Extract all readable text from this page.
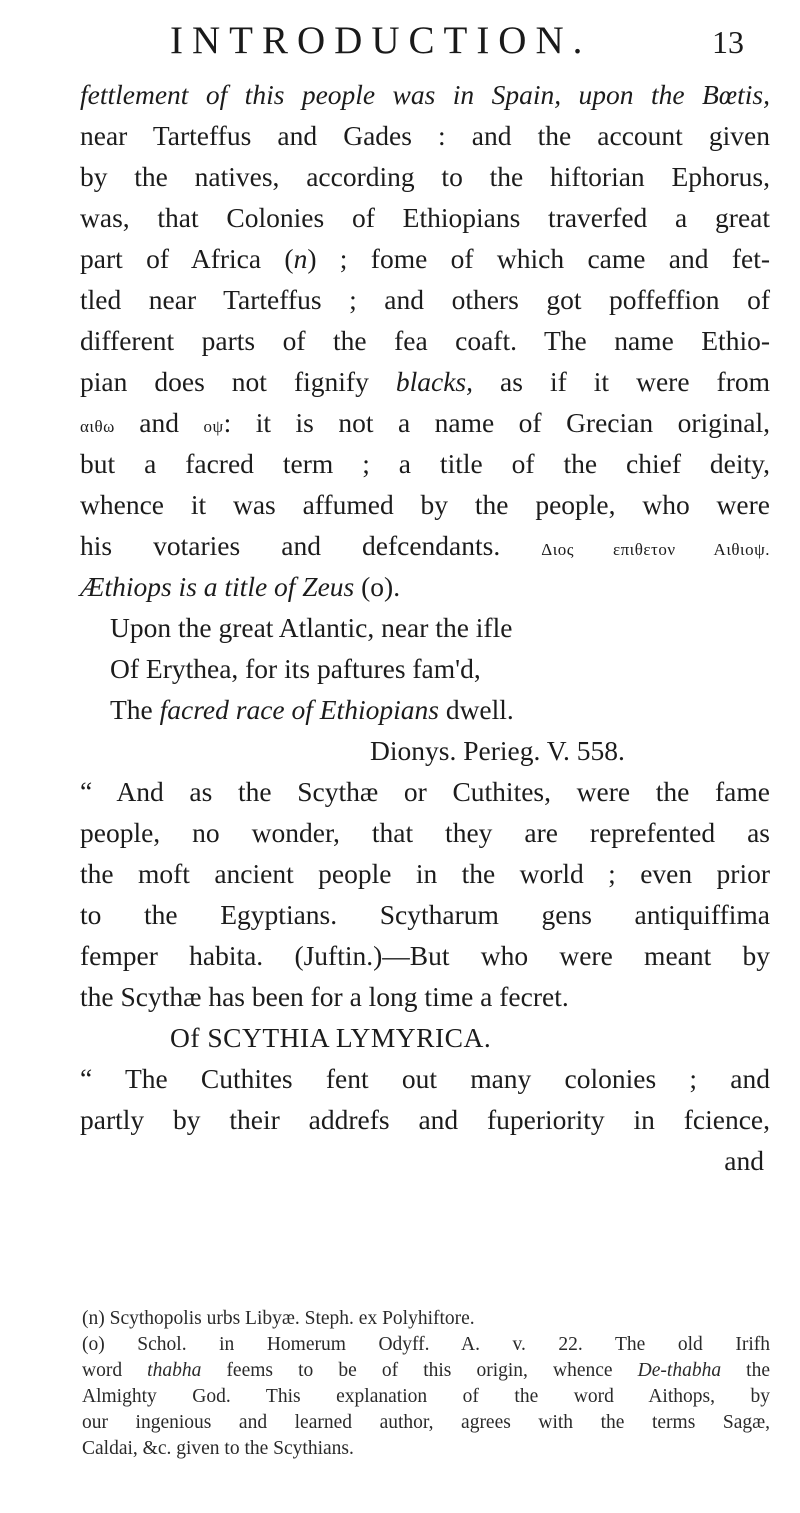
INTRODUCTION.	13
fettlement of this people was in Spain, upon the Bœtis,
near Tarteffus and Gades : and the account given
by the natives, according to the hiftorian Ephorus,
was, that Colonies of Ethiopians traverfed a great
part of Africa (n) ; fome of which came and fet-
tled near Tarteffus ; and others got poffeffion of
different parts of the fea coaft. The name Ethio-
pian does not fignify blacks, as if it were from
αιθω and οψ: it is not a name of Grecian original,
but a facred term ; a title of the chief deity,
whence it was affumed by the people, who were
his votaries and defcendants. Διος επιθετον Αιθιοψ.
Æthiops is a title of Zeus (o).
Upon the great Atlantic, near the ifle
Of Erythea, for its paftures fam'd,
The facred race of Ethiopians dwell.
Dionys. Perieg. V. 558.
“ And as the Scythæ or Cuthites, were the fame
people, no wonder, that they are reprefented as
the moft ancient people in the world ; even prior
to the Egyptians. Scytharum gens antiquiffima
femper habita. (Juftin.)—But who were meant by
the Scythæ has been for a long time a fecret.
Of SCYTHIA LYMYRICA.
“ The Cuthites fent out many colonies ; and
partly by their addrefs and fuperiority in fcience,
and
(n) Scythopolis urbs Libyæ. Steph. ex Polyhiftore.
(o) Schol. in Homerum Odyff. A. v. 22. The old Irifh
word thabha feems to be of this origin, whence De-thabha the
Almighty God. This explanation of the word Aithops, by
our ingenious and learned author, agrees with the terms Sagæ,
Caldai, &c. given to the Scythians.
